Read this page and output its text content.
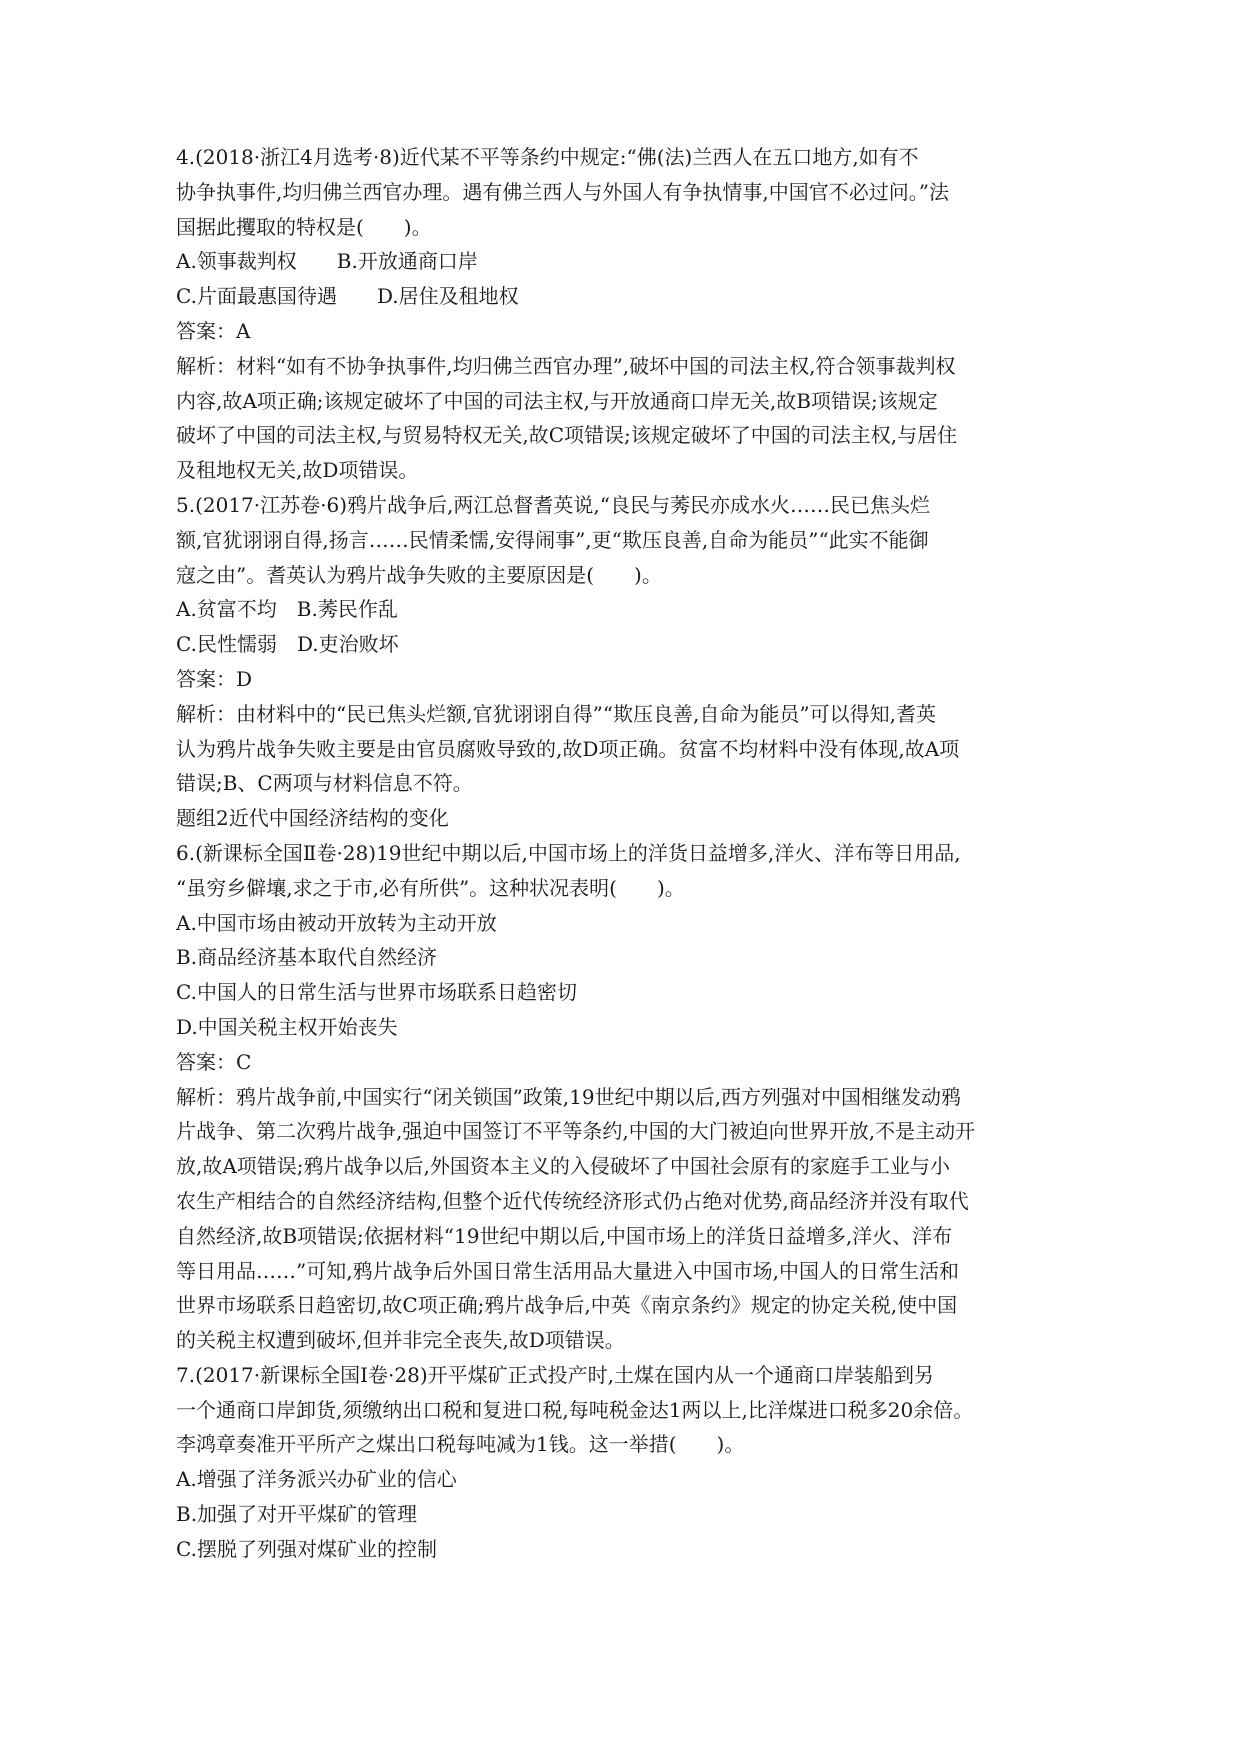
4.(2018·浙江4月选考·8)近代某不平等条约中规定:“佛(法)兰西人在五口地方,如有不
协争执事件,均归佛兰西官办理。遇有佛兰西人与外国人有争执情事,中国官不必过问。”法
国据此攫取的特权是(　　)。
A.领事裁判权　　B.开放通商口岸
C.片面最惠国待遇　　D.居住及租地权
答案：A
解析：材料“如有不协争执事件,均归佛兰西官办理”,破坏中国的司法主权,符合领事裁判权
内容,故A项正确;该规定破坏了中国的司法主权,与开放通商口岸无关,故B项错误;该规定
破坏了中国的司法主权,与贸易特权无关,故C项错误;该规定破坏了中国的司法主权,与居住
及租地权无关,故D项错误。
5.(2017·江苏卷·6)鸦片战争后,两江总督耆英说,“良民与莠民亦成水火……民已焦头烂
额,官犹诩诩自得,扬言……民情柔懦,安得闹事”,更“欺压良善,自命为能员”“此实不能御
寇之由”。耆英认为鸦片战争失败的主要原因是(　　)。
A.贫富不均　B.莠民作乱
C.民性懦弱　D.吏治败坏
答案：D
解析：由材料中的“民已焦头烂额,官犹诩诩自得”“欺压良善,自命为能员”可以得知,耆英
认为鸦片战争失败主要是由官员腐败导致的,故D项正确。贫富不均材料中没有体现,故A项
错误;B、C两项与材料信息不符。
题组2近代中国经济结构的变化
6.(新课标全国Ⅱ卷·28)19世纪中期以后,中国市场上的洋货日益增多,洋火、洋布等日用品,
“虽穷乡僻壤,求之于市,必有所供”。这种状况表明(　　)。
A.中国市场由被动开放转为主动开放
B.商品经济基本取代自然经济
C.中国人的日常生活与世界市场联系日趋密切
D.中国关税主权开始丧失
答案：C
解析：鸦片战争前,中国实行“闭关锁国”政策,19世纪中期以后,西方列强对中国相继发动鸦
片战争、第二次鸦片战争,强迫中国签订不平等条约,中国的大门被迫向世界开放,不是主动开
放,故A项错误;鸦片战争以后,外国资本主义的入侵破坏了中国社会原有的家庭手工业与小
农生产相结合的自然经济结构,但整个近代传统经济形式仍占绝对优势,商品经济并没有取代
自然经济,故B项错误;依据材料“19世纪中期以后,中国市场上的洋货日益增多,洋火、洋布
等日用品……”可知,鸦片战争后外国日常生活用品大量进入中国市场,中国人的日常生活和
世界市场联系日趋密切,故C项正确;鸦片战争后,中英《南京条约》规定的协定关税,使中国
的关税主权遭到破坏,但并非完全丧失,故D项错误。
7.(2017·新课标全国Ⅰ卷·28)开平煤矿正式投产时,土煤在国内从一个通商口岸装船到另
一个通商口岸卸货,须缴纳出口税和复进口税,每吨税金达1两以上,比洋煤进口税多20余倍。
李鸿章奏准开平所产之煤出口税每吨减为1钱。这一举措(　　)。
A.增强了洋务派兴办矿业的信心
B.加强了对开平煤矿的管理
C.摆脱了列强对煤矿业的控制
